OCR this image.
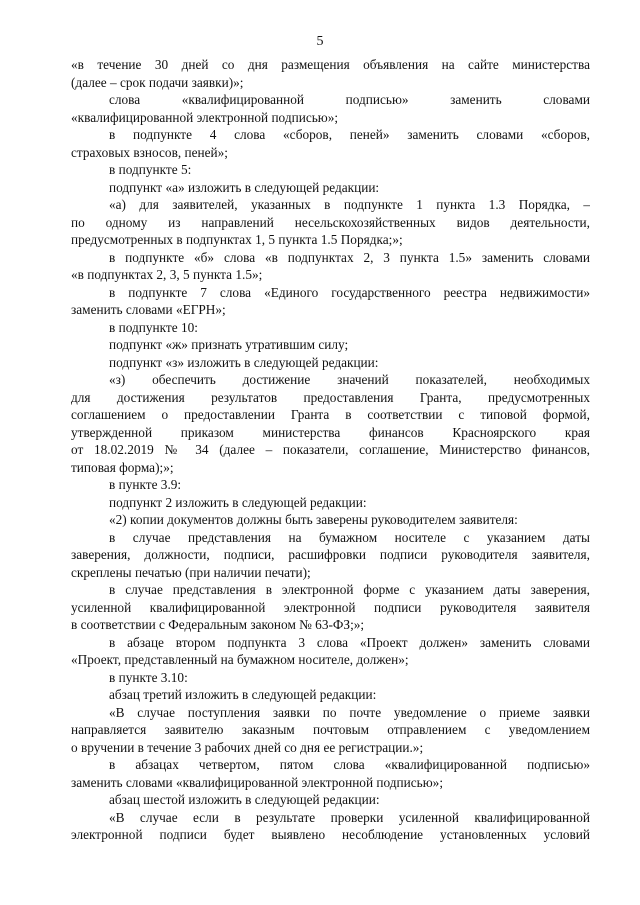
5
«в течение 30 дней со дня размещения объявления на сайте министерства
(далее – срок подачи заявки)»;
слова «квалифицированной подписью» заменить словами
«квалифицированной электронной подписью»;
в подпункте 4 слова «сборов, пеней» заменить словами «сборов,
страховых взносов, пеней»;
в подпункте 5:
подпункт «а» изложить в следующей редакции:
«а) для заявителей, указанных в подпункте 1 пункта 1.3 Порядка, –
по одному из направлений несельскохозяйственных видов деятельности,
предусмотренных в подпунктах 1, 5 пункта 1.5 Порядка;»;
в подпункте «б» слова «в подпунктах 2, 3 пункта 1.5» заменить словами
«в подпунктах 2, 3, 5 пункта 1.5»;
в подпункте 7 слова «Единого государственного реестра недвижимости»
заменить словами «ЕГРН»;
в подпункте 10:
подпункт «ж» признать утратившим силу;
подпункт «з» изложить в следующей редакции:
«з) обеспечить достижение значений показателей, необходимых
для достижения результатов предоставления Гранта, предусмотренных
соглашением о предоставлении Гранта в соответствии с типовой формой,
утвержденной приказом министерства финансов Красноярского края
от 18.02.2019 № 34 (далее – показатели, соглашение, Министерство финансов,
типовая форма);»;
в пункте 3.9:
подпункт 2 изложить в следующей редакции:
«2) копии документов должны быть заверены руководителем заявителя:
в случае представления на бумажном носителе с указанием даты
заверения, должности, подписи, расшифровки подписи руководителя заявителя,
скреплены печатью (при наличии печати);
в случае представления в электронной форме с указанием даты заверения,
усиленной квалифицированной электронной подписи руководителя заявителя
в соответствии с Федеральным законом № 63-ФЗ;»;
в абзаце втором подпункта 3 слова «Проект должен» заменить словами
«Проект, представленный на бумажном носителе, должен»;
в пункте 3.10:
абзац третий изложить в следующей редакции:
«В случае поступления заявки по почте уведомление о приеме заявки
направляется заявителю заказным почтовым отправлением с уведомлением
о вручении в течение 3 рабочих дней со дня ее регистрации.»;
в абзацах четвертом, пятом слова «квалифицированной подписью»
заменить словами «квалифицированной электронной подписью»;
абзац шестой изложить в следующей редакции:
«В случае если в результате проверки усиленной квалифицированной
электронной подписи будет выявлено несоблюдение установленных условий
